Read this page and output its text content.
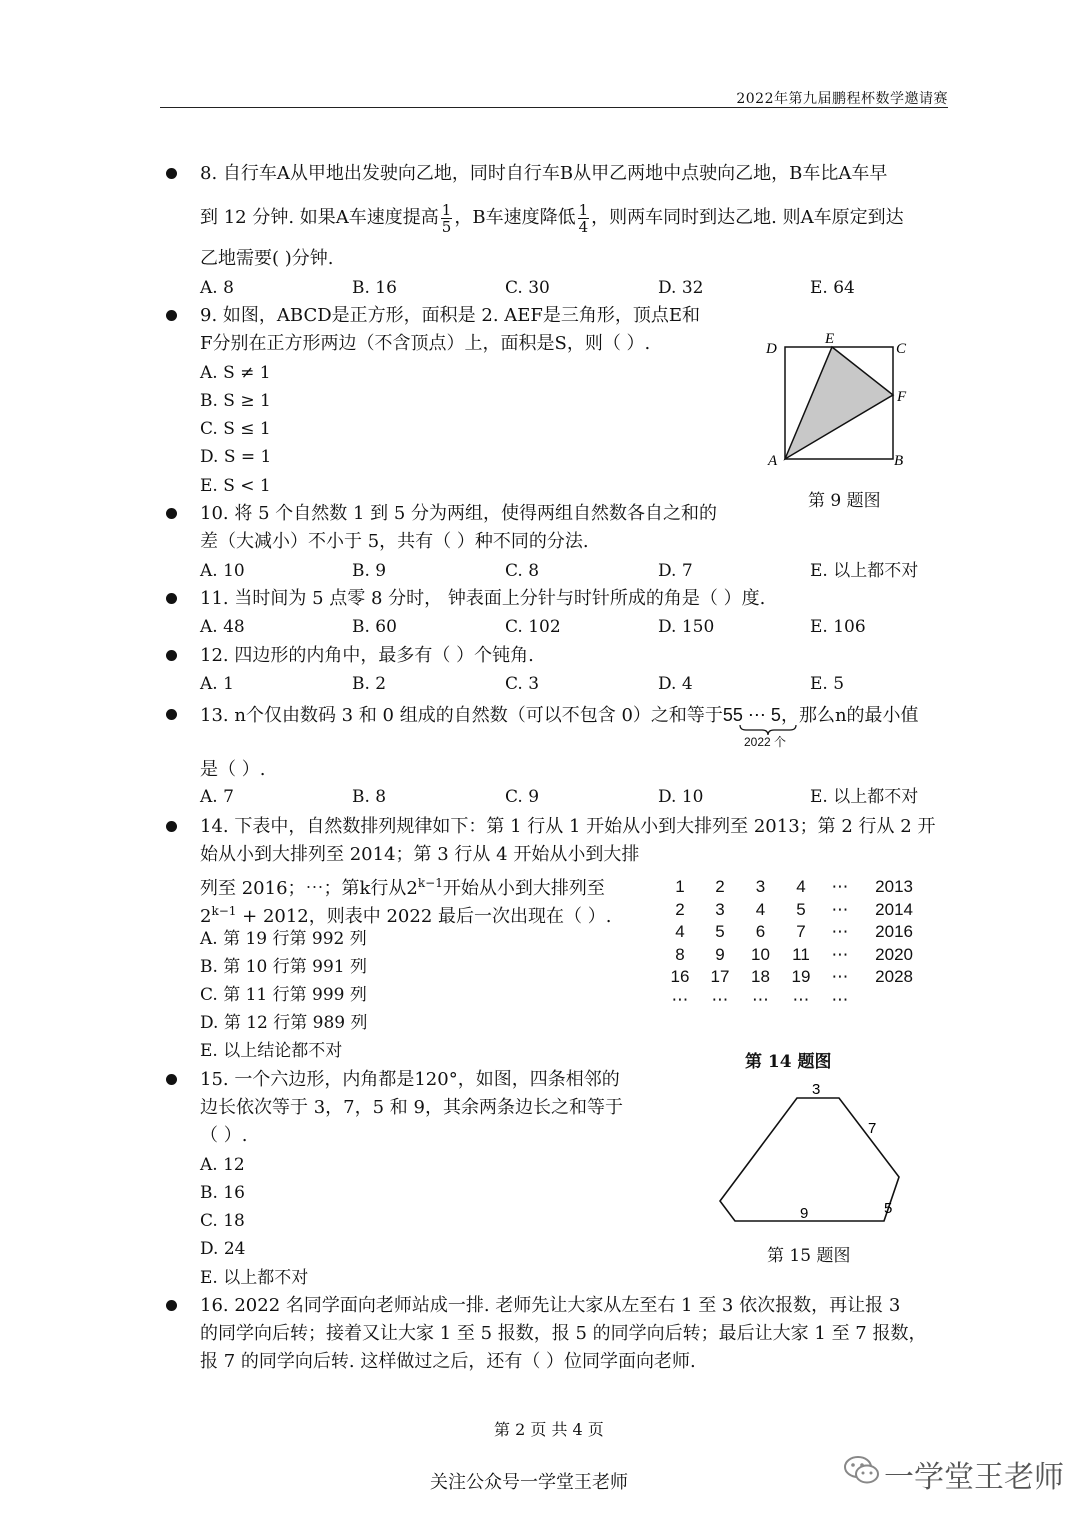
2022年第九届鹏程杯数学邀请赛
8. 自行车A从甲地出发驶向乙地，同时自行车B从甲乙两地中点驶向乙地，B车比A车早
到 12 分钟. 如果A车速度提高 $\frac{1}{5}$ ，B车速度降低 $\frac{1}{4}$ ，则两车同时到达乙地. 则A车原定到达
乙地需要( )分钟.
A. 8	B. 16	C. 30	D. 32	E. 64
9. 如图，ABCD是正方形，面积是 2. AEF是三角形，顶点E和
F分别在正方形两边（不含顶点）上，面积是S，则（ ）.
A. S ≠ 1
B. S ≥ 1
C. S ≤ 1
D. S = 1
E. S < 1
D
E
C
F
A	B
第 9 题图
10. 将 5 个自然数 1 到 5 分为两组，使得两组自然数各自之和的
差（大减小）不小于 5，共有（ ）种不同的分法.
A. 10	B. 9	C. 8	D. 7	E. 以上都不对
11. 当时间为 5 点零 8 分时， 钟表面上分针与时针所成的角是（ ）度.
A. 48	B. 60	C. 102	D. 150	E. 106
12. 四边形的内角中，最多有（ ）个钝角.
A. 1	B. 2	C. 3	D. 4	E. 5
13. n个仅由数码 3 和 0 组成的自然数（可以不包含 0）之和等于55 ⋯ 5，那么n的最小值
2022 个
是（ ）.
A. 7	B. 8	C. 9	D. 10	E. 以上都不对
14. 下表中，自然数排列规律如下：第 1 行从 1 开始从小到大排列至 2013；第 2 行从 2 开
始从小到大排列至 2014；第 3 行从 4 开始从小到大排
列至 2016；⋯；第k行从$2^{k-1}$开始从小到大排列至
$2^{k-1} + 2012$，则表中 2022 最后一次出现在（ ）.
A. 第 19 行第 992 列
B. 第 10 行第 991 列
C. 第 11 行第 999 列
D. 第 12 行第 989 列
E. 以上结论都不对
1	2	3	4	⋯	2013
2	3	4	5	⋯	2014
4	5	6	7	⋯	2016
8	9	10	11	⋯	2020
16	17	18	19	⋯	2028
⋯	⋯	⋯	⋯	⋯	
第 14 题图
15. 一个六边形，内角都是120°，如图，四条相邻的
边长依次等于 3，7，5 和 9，其余两条边长之和等于
（ ）.
A. 12
B. 16
C. 18
D. 24
E. 以上都不对
3
7
5
9
第 15 题图
16. 2022 名同学面向老师站成一排. 老师先让大家从左至右 1 至 3 依次报数，再让报 3
的同学向后转；接着又让大家 1 至 5 报数，报 5 的同学向后转；最后让大家 1 至 7 报数，
报 7 的同学向后转. 这样做过之后，还有（ ）位同学面向老师.
第 2 页 共 4 页
关注公众号一学堂王老师	一学堂王老师
